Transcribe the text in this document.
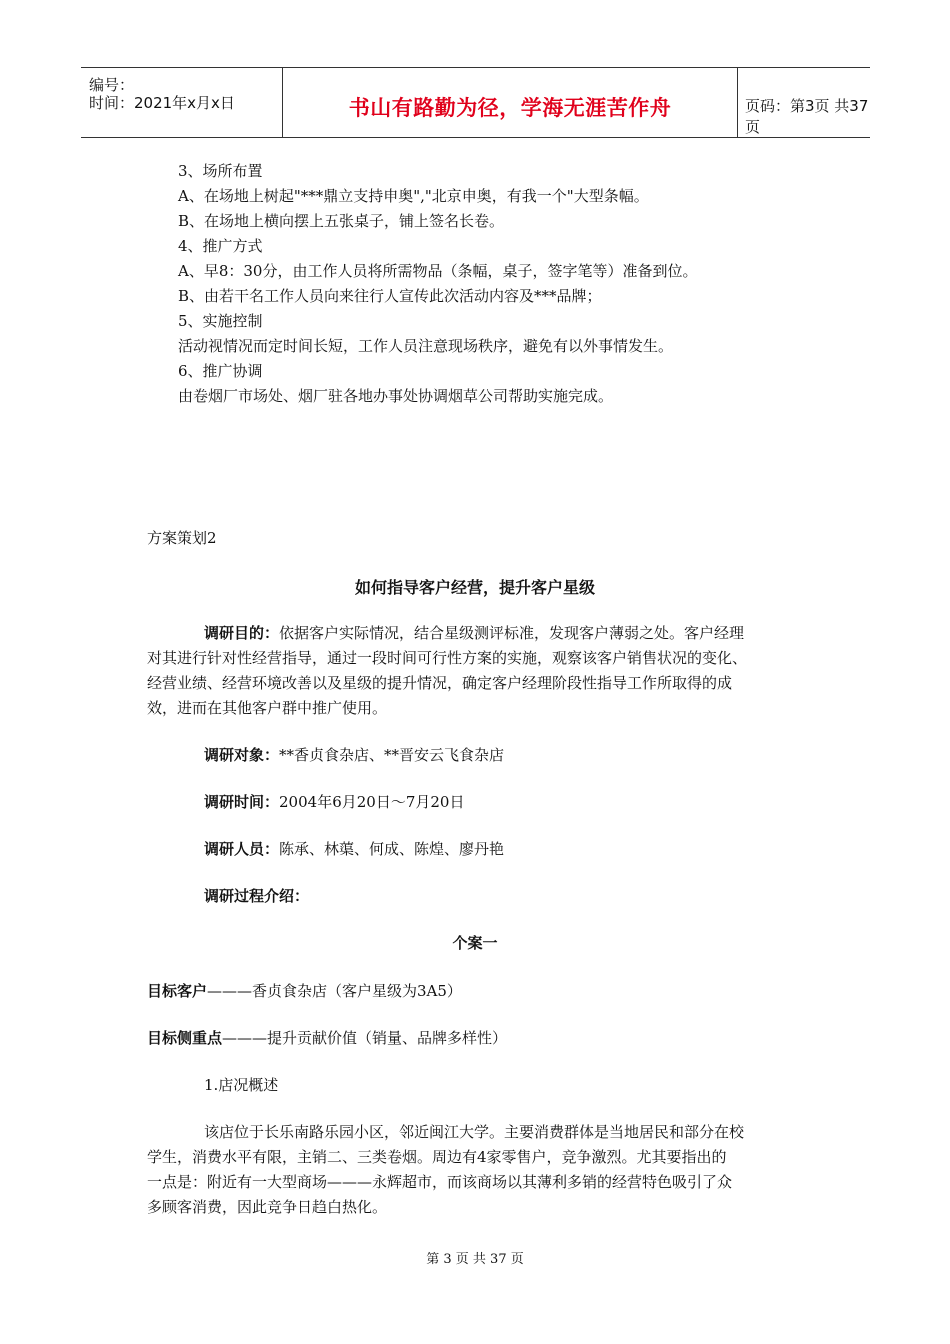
编号：
时间：2021年x月x日	书山有路勤为径，学海无涯苦作舟	页码：第3页 共37页
3、场所布置
A、在场地上树起"***鼎立支持申奥","北京申奥，有我一个"大型条幅。
B、在场地上横向摆上五张桌子，铺上签名长卷。
4、推广方式
A、早8：30分，由工作人员将所需物品（条幅，桌子，签字笔等）准备到位。
B、由若干名工作人员向来往行人宣传此次活动内容及***品牌；
5、实施控制
活动视情况而定时间长短，工作人员注意现场秩序，避免有以外事情发生。
6、推广协调
由卷烟厂市场处、烟厂驻各地办事处协调烟草公司帮助实施完成。
方案策划2
如何指导客户经营，提升客户星级
调研目的：依据客户实际情况，结合星级测评标准，发现客户薄弱之处。客户经理
对其进行针对性经营指导，通过一段时间可行性方案的实施，观察该客户销售状况的变化、
经营业绩、经营环境改善以及星级的提升情况，确定客户经理阶段性指导工作所取得的成
效，进而在其他客户群中推广使用。
调研对象：**香贞食杂店、**晋安云飞食杂店
调研时间：2004年6月20日～7月20日
调研人员：陈承、林蕖、何成、陈煌、廖丹艳
调研过程介绍：
个案一
目标客户———香贞食杂店（客户星级为3A5）
目标侧重点———提升贡献价值（销量、品牌多样性）
1.店况概述
该店位于长乐南路乐园小区，邻近闽江大学。主要消费群体是当地居民和部分在校
学生，消费水平有限，主销二、三类卷烟。周边有4家零售户，竞争激烈。尤其要指出的
一点是：附近有一大型商场———永辉超市，而该商场以其薄利多销的经营特色吸引了众
多顾客消费，因此竞争日趋白热化。
第 3 页 共 37 页
